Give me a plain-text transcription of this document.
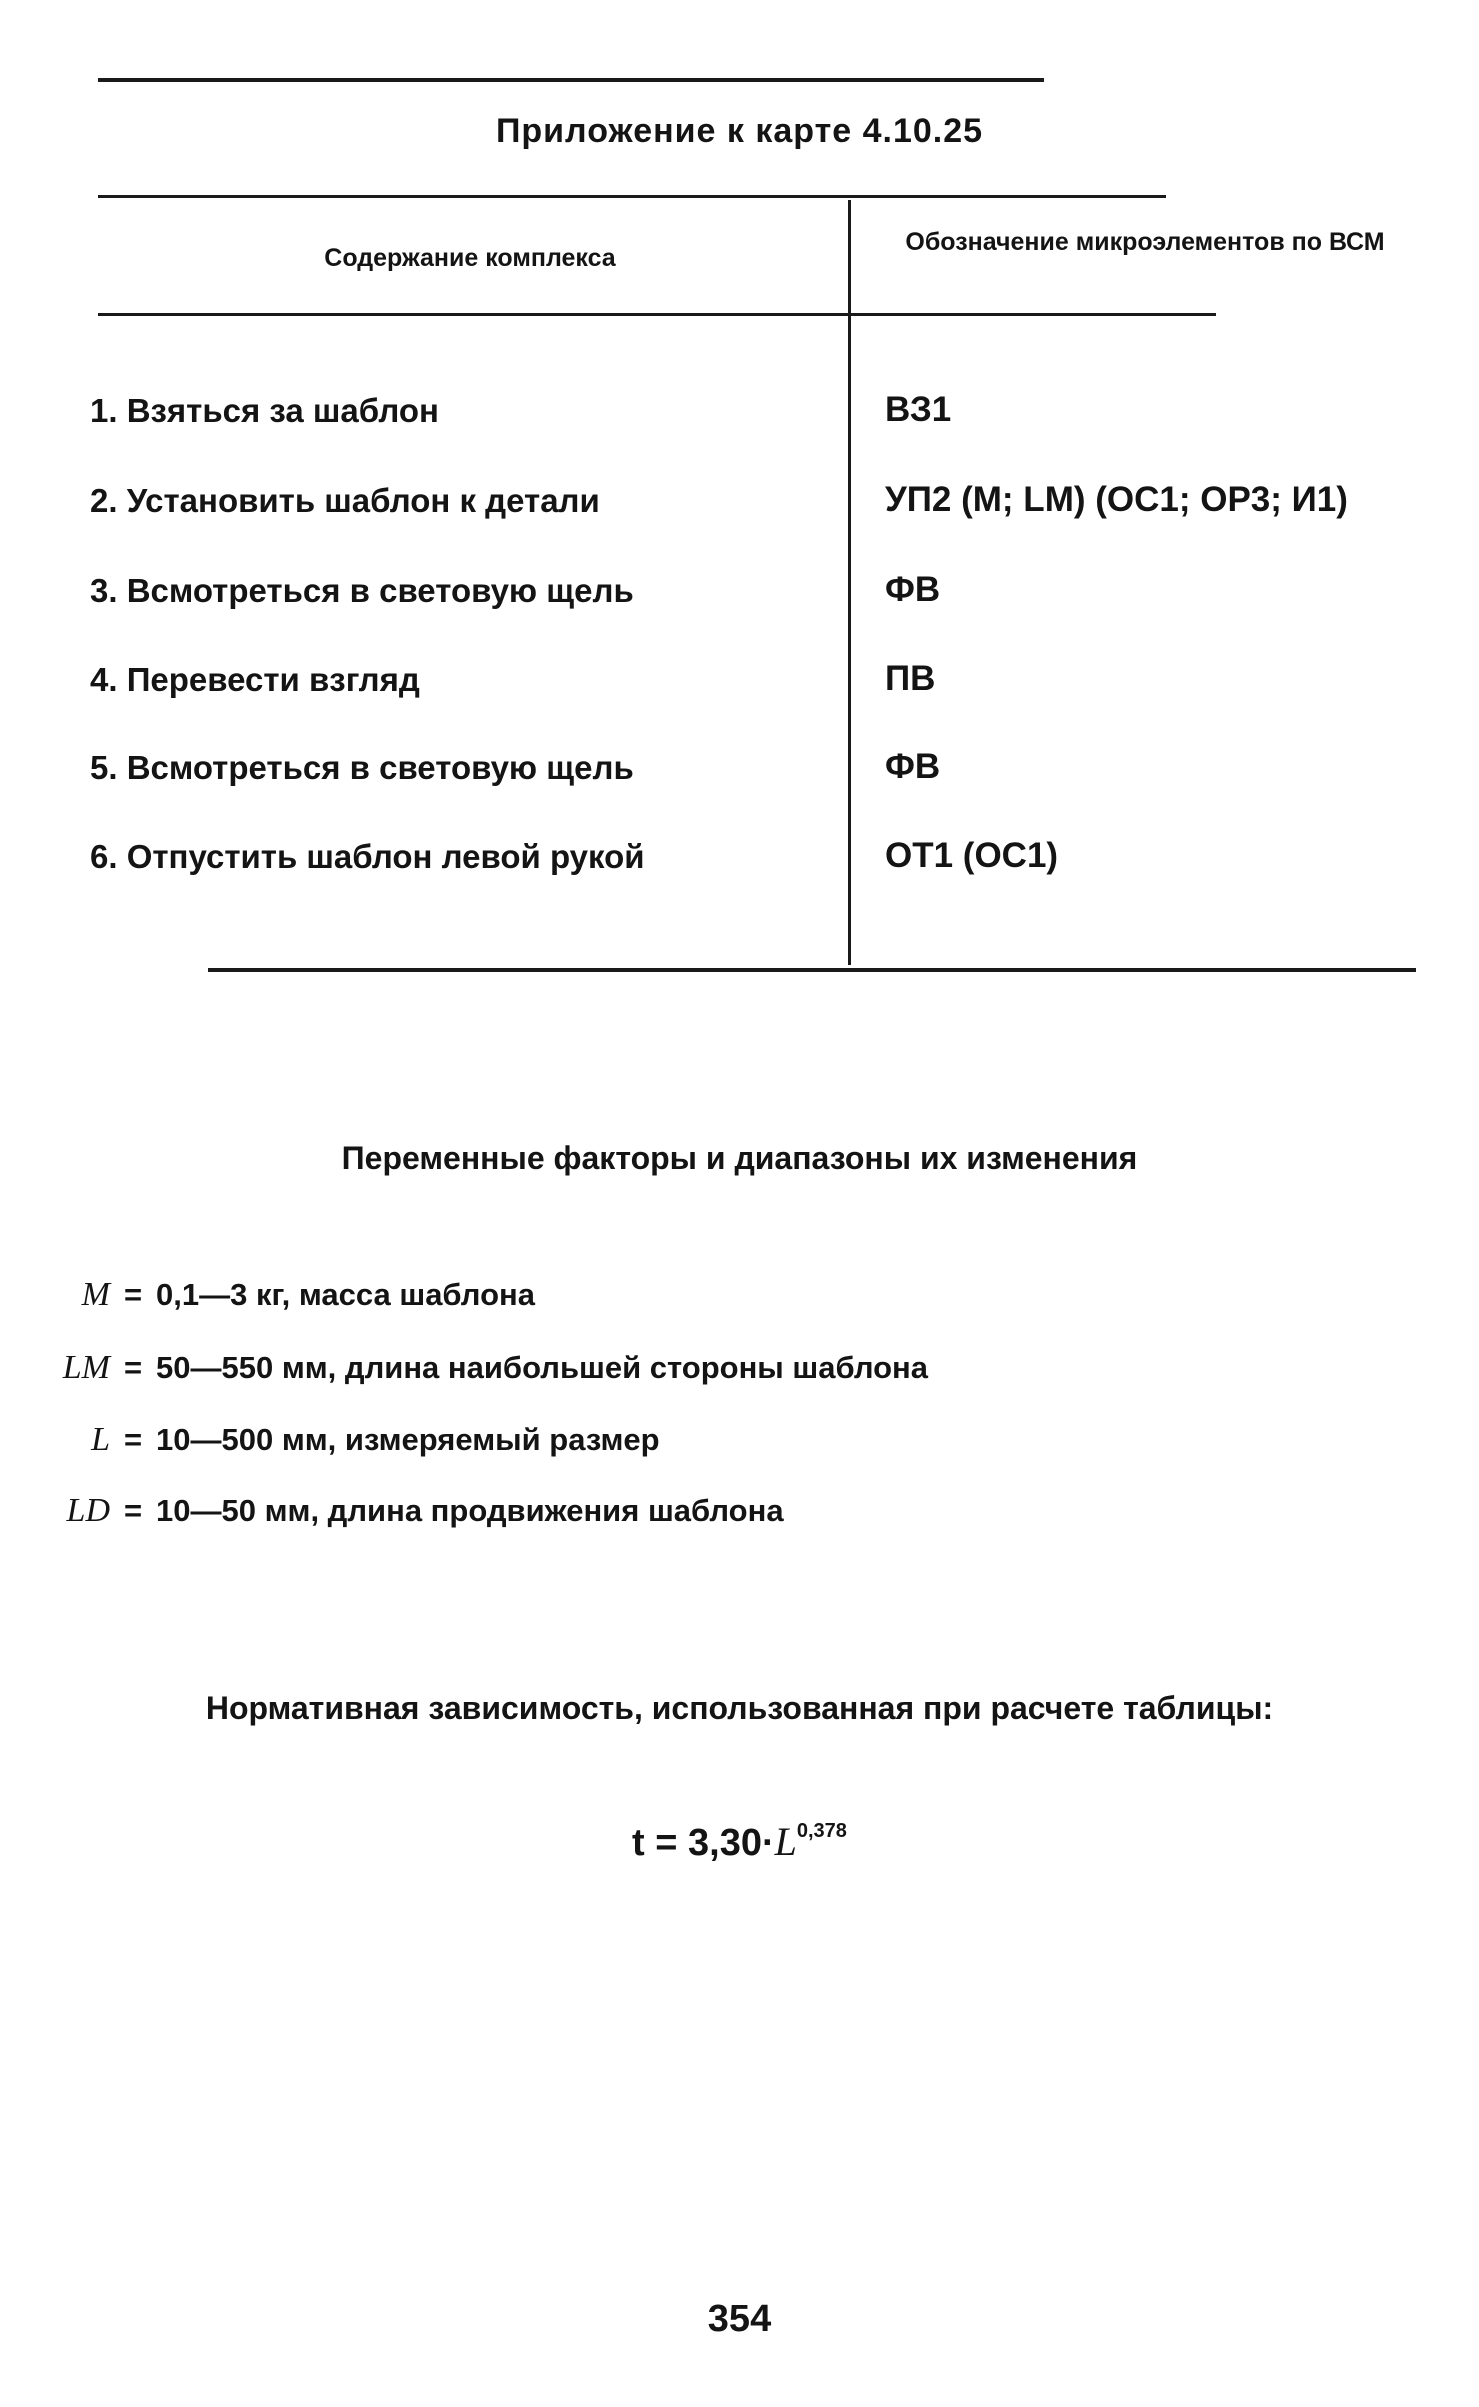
Приложение к карте 4.10.25
Содержание комплекса
Обозначение микроэлементов по ВСМ
1. Взяться за шаблон	ВЗ1
2. Установить шаблон к детали	УП2 (М; LМ) (ОС1; ОР3; И1)
3. Всмотреться в световую щель	ФВ
4. Перевести взгляд	ПВ
5. Всмотреться в световую щель	ФВ
6. Отпустить шаблон левой рукой	ОТ1 (ОС1)
Переменные факторы и диапазоны их изменения
M = 0,1—3 кг, масса шаблона
LM = 50—550 мм, длина наибольшей стороны шаблона
L = 10—500 мм, измеряемый размер
LD = 10—50 мм, длина продвижения шаблона
Нормативная зависимость, использованная при расчете таблицы:
$t = 3,30\cdot L^{0,378}$
354
